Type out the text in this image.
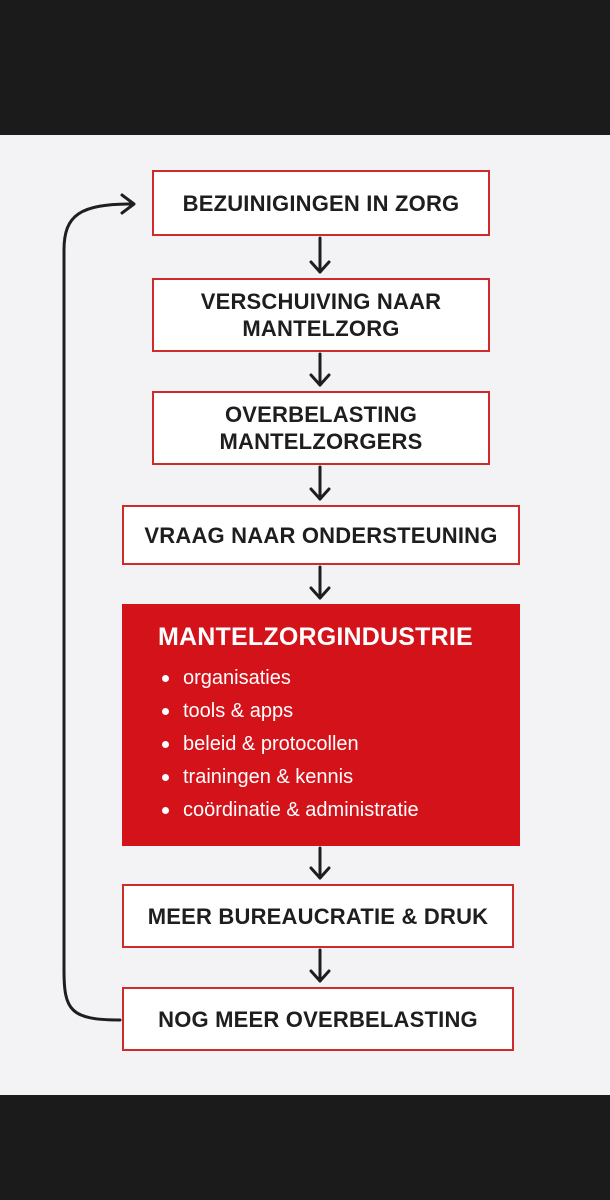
BEZUINIGINGEN IN ZORG
VERSCHUIVING NAAR
MANTELZORG
OVERBELASTING
MANTELZORGERS
VRAAG NAAR ONDERSTEUNING
MANTELZORGINDUSTRIE
organisaties
tools & apps
beleid & protocollen
trainingen & kennis
coördinatie & administratie
MEER BUREAUCRATIE & DRUK
NOG MEER OVERBELASTING
